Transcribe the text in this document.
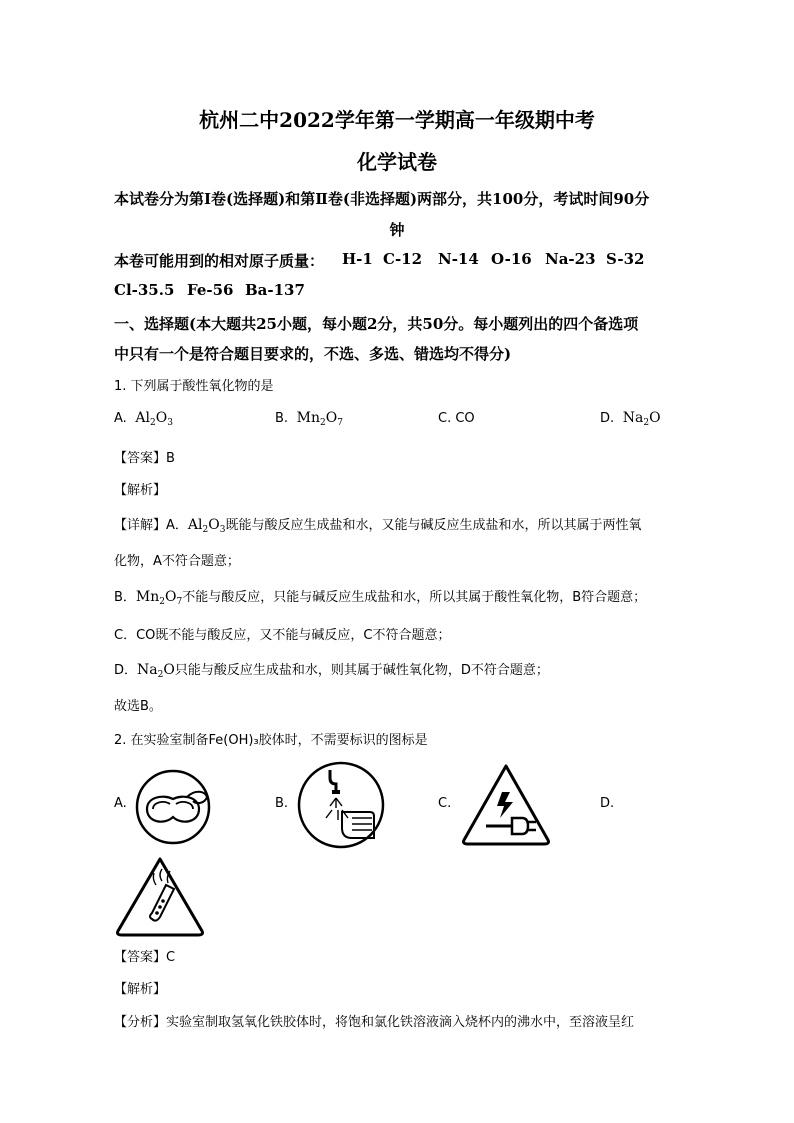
杭州二中2022学年第一学期高一年级期中考
化学试卷
本试卷分为第Ⅰ卷(选择题)和第Ⅱ卷(非选择题)两部分，共100分，考试时间90分
钟
本卷可能用到的相对原子质量： H-1 C-12 N-14 O-16 Na-23 S-32
Cl-35.5 Fe-56 Ba-137
一、选择题(本大题共25小题，每小题2分，共50分。每小题列出的四个备选项
中只有一个是符合题目要求的，不选、多选、错选均不得分)
1. 下列属于酸性氧化物的是
A.  $Al_2O_3$	B.  $Mn_2O_7$	C. CO	D.  $Na_2O$
【答案】B
【解析】
【详解】A．$Al_2O_3$既能与酸反应生成盐和水，又能与碱反应生成盐和水，所以其属于两性氧
化物，A不符合题意；
B．$Mn_2O_7$不能与酸反应，只能与碱反应生成盐和水，所以其属于酸性氧化物，B符合题意；
C．CO既不能与酸反应，又不能与碱反应，C不符合题意；
D．$Na_2O$只能与酸反应生成盐和水，则其属于碱性氧化物，D不符合题意；
故选B。
2. 在实验室制备Fe(OH)₃胶体时，不需要标识的图标是
A.	B.	C.	D.
【答案】C
【解析】
【分析】实验室制取氢氧化铁胶体时，将饱和氯化铁溶液滴入烧杯内的沸水中，至溶液呈红
